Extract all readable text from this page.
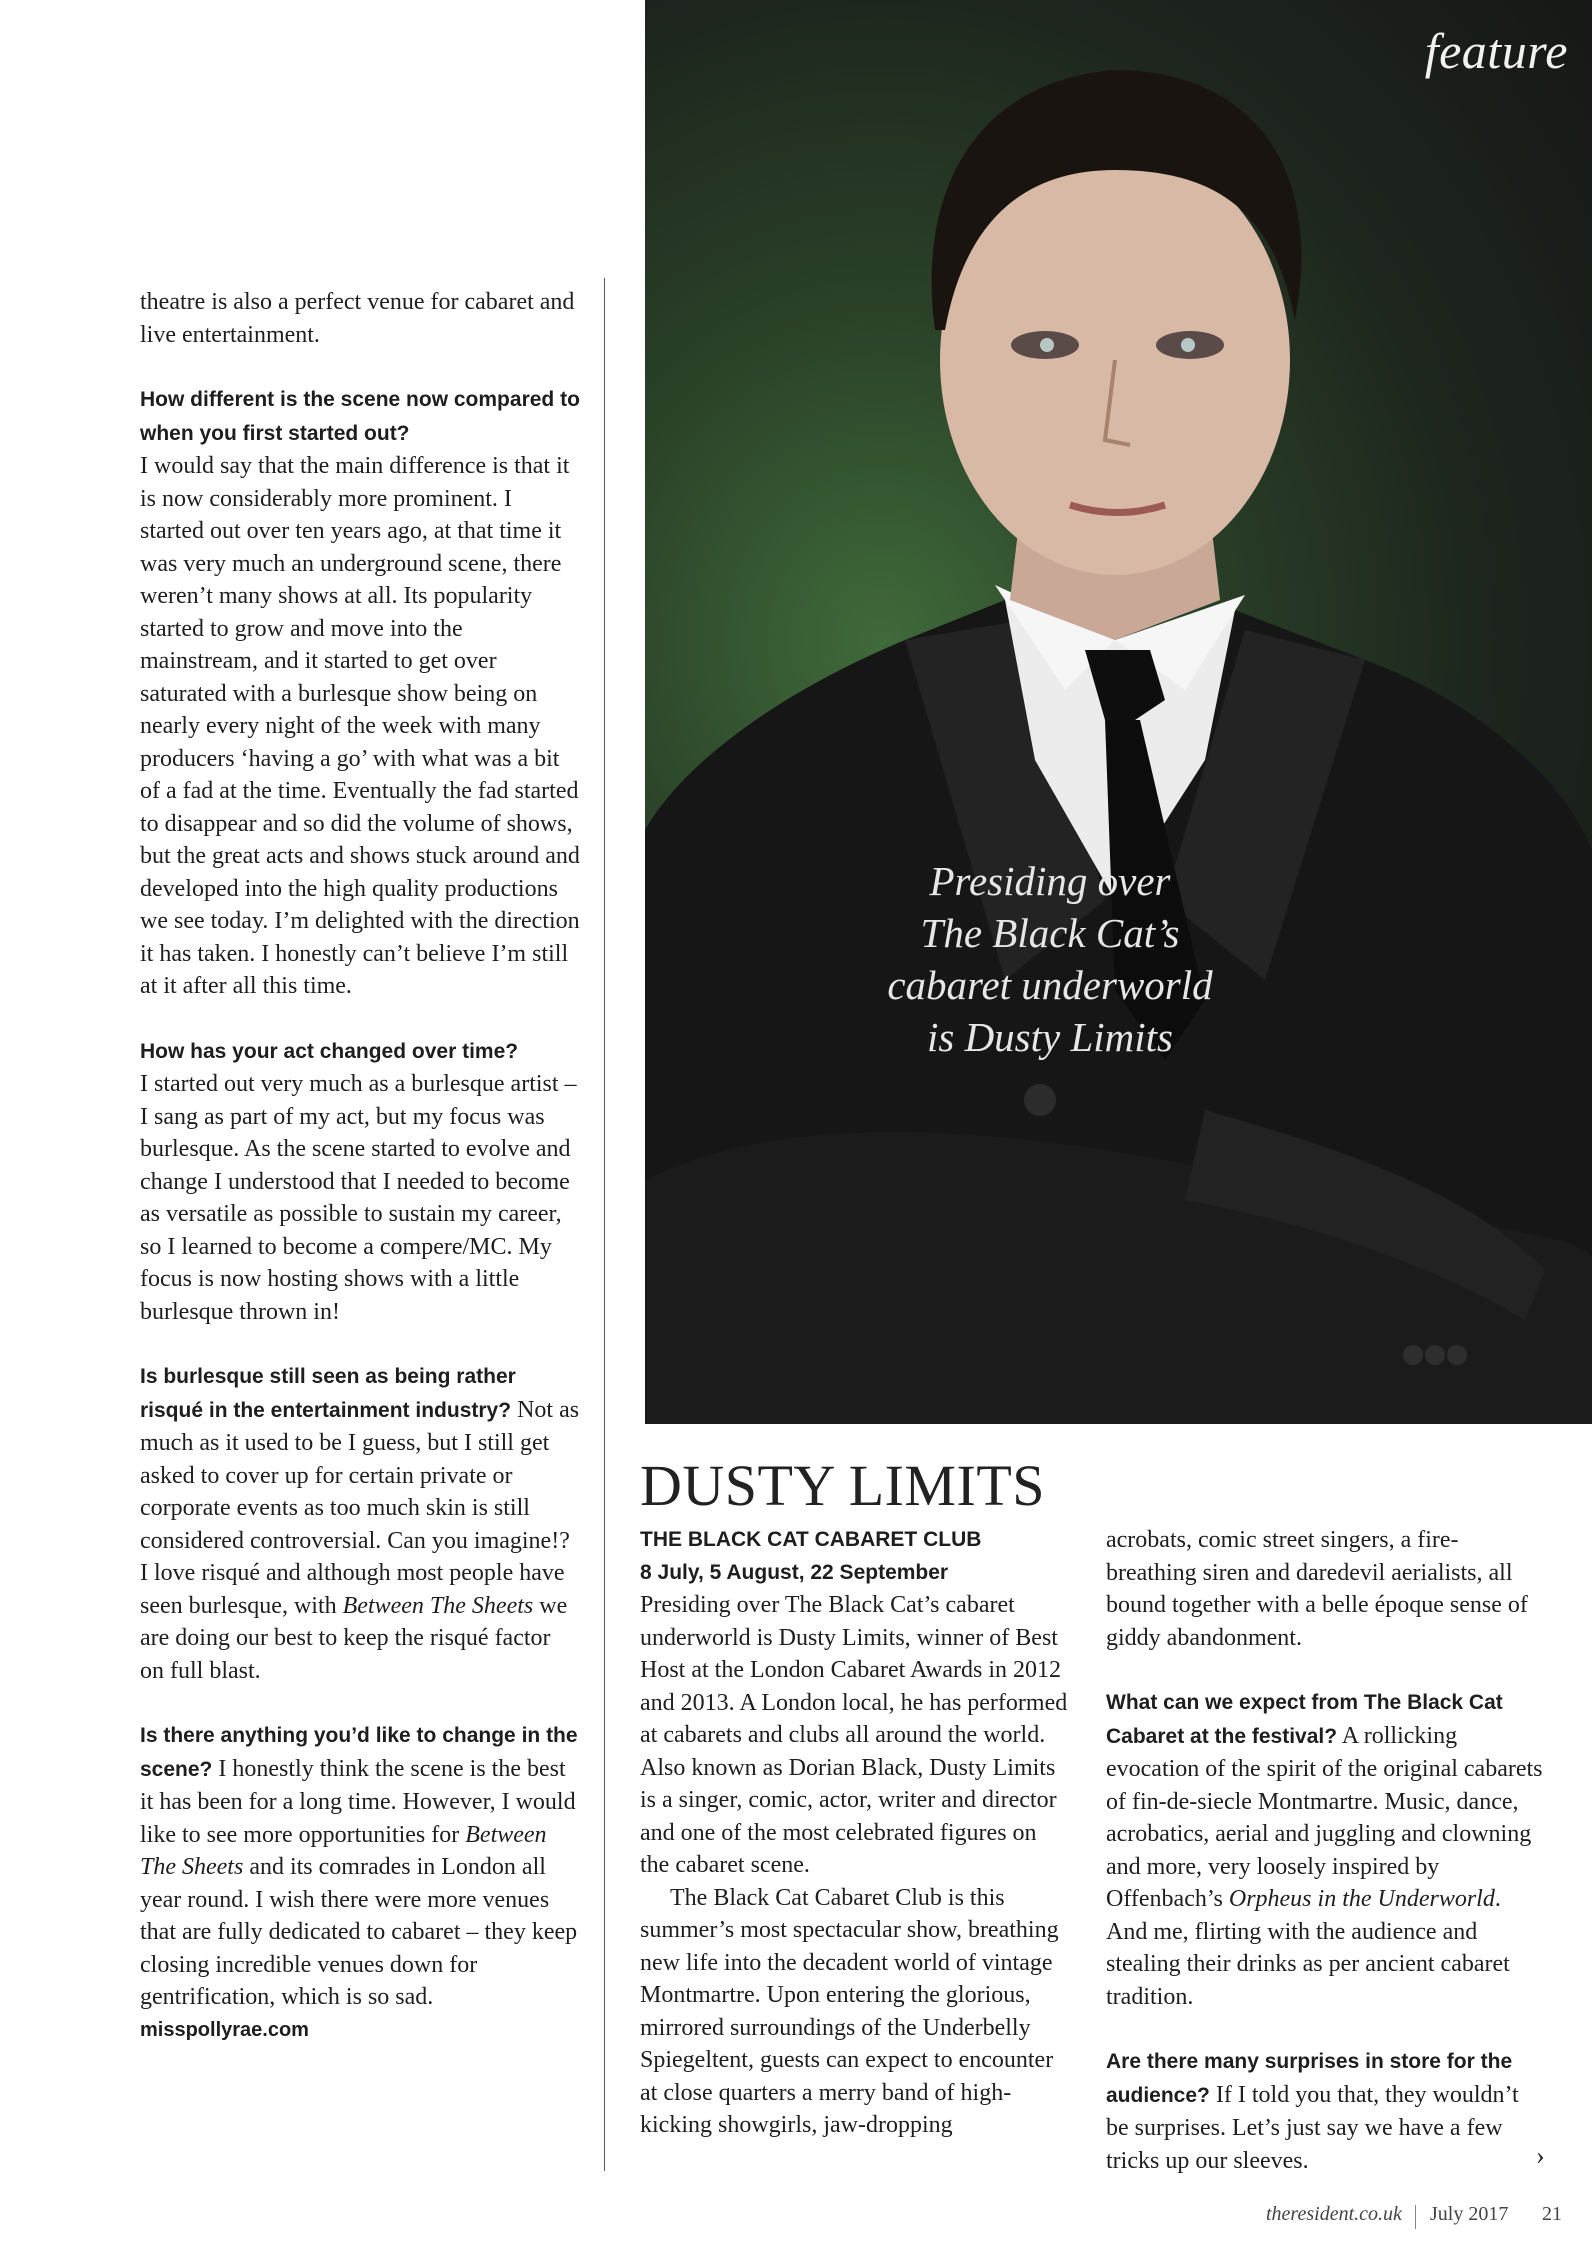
feature
Presiding over
The Black Cat’s
cabaret underworld
is Dusty Limits

theatre is also a perfect venue for cabaret and live entertainment.

How different is the scene now compared to when you first started out?
I would say that the main difference is that it is now considerably more prominent. I started out over ten years ago, at that time it was very much an underground scene, there weren’t many shows at all. Its popularity started to grow and move into the mainstream, and it started to get over saturated with a burlesque show being on nearly every night of the week with many producers ‘having a go’ with what was a bit of a fad at the time. Eventually the fad started to disappear and so did the volume of shows, but the great acts and shows stuck around and developed into the high quality productions we see today. I’m delighted with the direction it has taken. I honestly can’t believe I’m still at it after all this time.

How has your act changed over time?
I started out very much as a burlesque artist – I sang as part of my act, but my focus was burlesque. As the scene started to evolve and change I understood that I needed to become as versatile as possible to sustain my career, so I learned to become a compere/MC. My focus is now hosting shows with a little burlesque thrown in!

Is burlesque still seen as being rather risqué in the entertainment industry? Not as much as it used to be I guess, but I still get asked to cover up for certain private or corporate events as too much skin is still considered controversial. Can you imagine!? I love risqué and although most people have seen burlesque, with Between The Sheets we are doing our best to keep the risqué factor on full blast.

Is there anything you’d like to change in the scene? I honestly think the scene is the best it has been for a long time. However, I would like to see more opportunities for Between The Sheets and its comrades in London all year round. I wish there were more venues that are fully dedicated to cabaret – they keep closing incredible venues down for gentrification, which is so sad.

misspollyrae.com

DUSTY LIMITS
THE BLACK CAT CABARET CLUB
8 July, 5 August, 22 September

Presiding over The Black Cat’s cabaret underworld is Dusty Limits, winner of Best Host at the London Cabaret Awards in 2012 and 2013. A London local, he has performed at cabarets and clubs all around the world. Also known as Dorian Black, Dusty Limits is a singer, comic, actor, writer and director and one of the most celebrated figures on the cabaret scene.

The Black Cat Cabaret Club is this summer’s most spectacular show, breathing new life into the decadent world of vintage Montmartre. Upon entering the glorious, mirrored surroundings of the Underbelly Spiegeltent, guests can expect to encounter at close quarters a merry band of high-kicking showgirls, jaw-dropping

acrobats, comic street singers, a fire-breathing siren and daredevil aerialists, all bound together with a belle époque sense of giddy abandonment.

What can we expect from The Black Cat Cabaret at the festival? A rollicking evocation of the spirit of the original cabarets of fin-de-siecle Montmartre. Music, dance, acrobatics, aerial and juggling and clowning and more, very loosely inspired by Offenbach’s Orpheus in the Underworld. And me, flirting with the audience and stealing their drinks as per ancient cabaret tradition.

Are there many surprises in store for the audience? If I told you that, they wouldn’t be surprises. Let’s just say we have a few tricks up our sleeves.	›
theresident.co.uk July 2017 21
